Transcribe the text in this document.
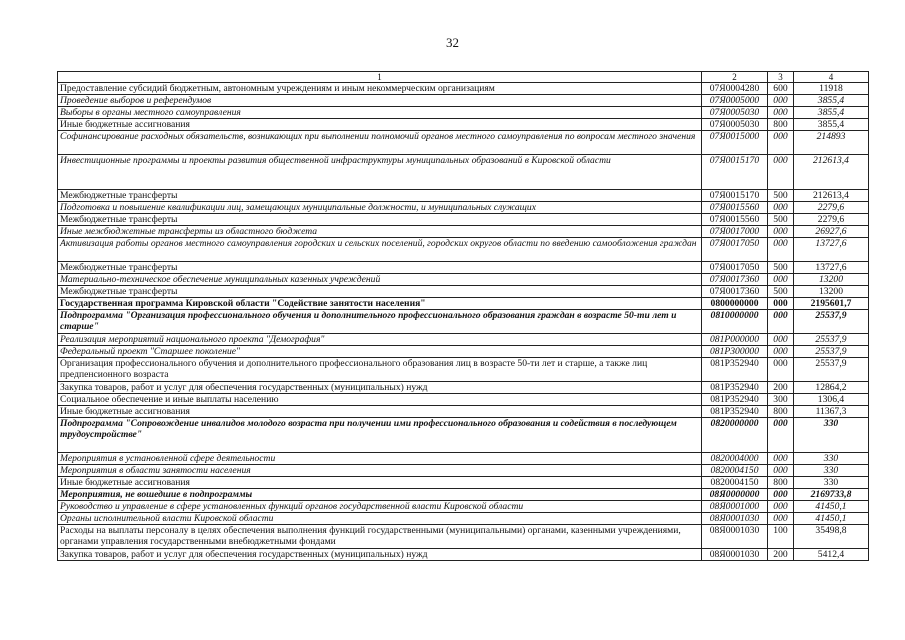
32
1	2	3	4
Предоставление субсидий бюджетным, автономным учреждениям и иным некоммерческим организациям	07Я0004280	600	11918
Проведение выборов и референдумов	07Я0005000	000	3855,4
Выборы в органы местного самоуправления	07Я0005030	000	3855,4
Иные бюджетные ассигнования	07Я0005030	800	3855,4
Софинансирование расходных обязательств, возникающих при выполнении полномочий органов местного самоуправления по вопросам местного значения	07Я0015000	000	214893
Инвестиционные программы и проекты развития общественной инфраструктуры муниципальных образований в Кировской области	07Я0015170	000	212613,4
Межбюджетные трансферты	07Я0015170	500	212613,4
Подготовка и повышение квалификации лиц, замещающих муниципальные должности, и муниципальных служащих	07Я0015560	000	2279,6
Межбюджетные трансферты	07Я0015560	500	2279,6
Иные межбюджетные трансферты из областного бюджета	07Я0017000	000	26927,6
Активизация работы органов местного самоуправления городских и сельских поселений, городских округов области по введению самообложения граждан	07Я0017050	000	13727,6
Межбюджетные трансферты	07Я0017050	500	13727,6
Материально-техническое обеспечение муниципальных казенных учреждений	07Я0017360	000	13200
Межбюджетные трансферты	07Я0017360	500	13200
Государственная программа Кировской области "Содействие занятости населения"	0800000000	000	2195601,7
Подпрограмма "Организация профессионального обучения и дополнительного профессионального образования граждан в возрасте 50-ти лет и старше"	0810000000	000	25537,9
Реализация мероприятий национального проекта "Демография"	081P000000	000	25537,9
Федеральный проект "Старшее поколение"	081P300000	000	25537,9
Организация профессионального обучения и дополнительного профессионального образования лиц в возрасте 50-ти лет и старше, а также лиц предпенсионного возраста	081P352940	000	25537,9
Закупка товаров, работ и услуг для обеспечения государственных (муниципальных) нужд	081P352940	200	12864,2
Социальное обеспечение и иные выплаты населению	081P352940	300	1306,4
Иные бюджетные ассигнования	081P352940	800	11367,3
Подпрограмма "Сопровождение инвалидов молодого возраста при получении ими профессионального образования и содействия в последующем трудоустройстве"	0820000000	000	330
Мероприятия в установленной сфере деятельности	0820004000	000	330
Мероприятия в области занятости населения	0820004150	000	330
Иные бюджетные ассигнования	0820004150	800	330
Мероприятия, не вошедшие в подпрограммы	08Я0000000	000	2169733,8
Руководство и управление в сфере установленных функций органов государственной власти Кировской области	08Я0001000	000	41450,1
Органы исполнительной власти Кировской области	08Я0001030	000	41450,1
Расходы на выплаты персоналу в целях обеспечения выполнения функций государственными (муниципальными) органами, казенными учреждениями, органами управления государственными внебюджетными фондами	08Я0001030	100	35498,8
Закупка товаров, работ и услуг для обеспечения государственных (муниципальных) нужд	08Я0001030	200	5412,4
